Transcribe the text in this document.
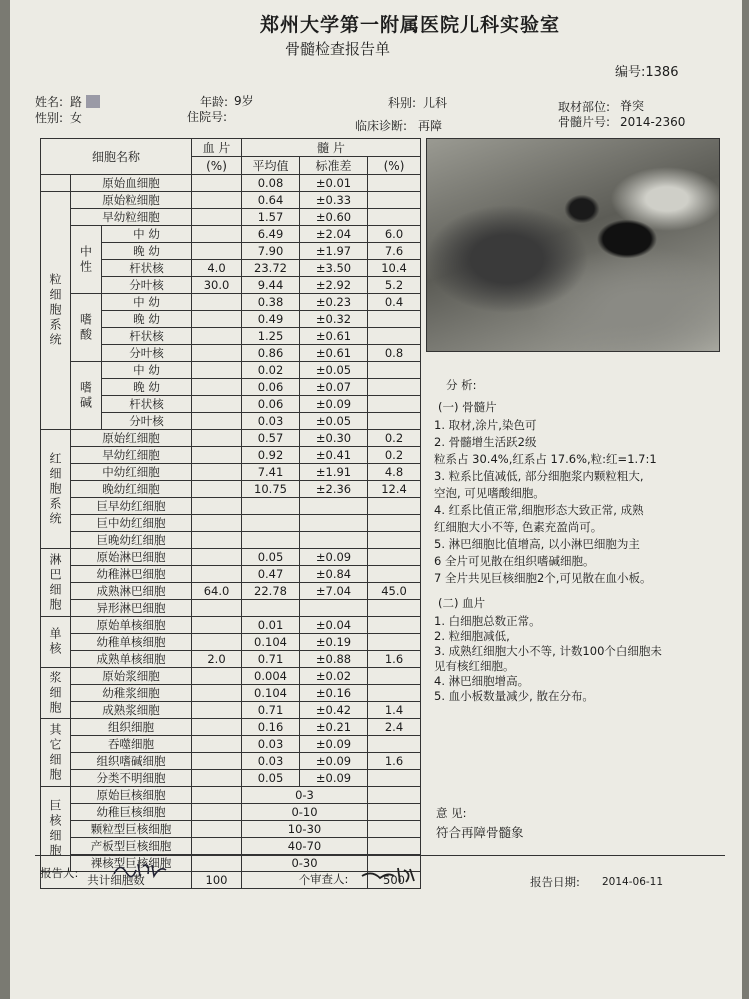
郑州大学第一附属医院儿科实验室
骨髓检查报告单
编号:1386
姓名: 路	年龄: 9岁	科别: 儿科	取材部位: 脊突
性别: 女	住院号:
临床诊断: 再障	骨髓片号: 2014-2360
细胞名称			血 片	髓 片		
			(%)	平均值	标准差	(%)
	原始血细胞			0.08	±0.01	
粒细胞系统	原始粒细胞			0.64	±0.33	
	早幼粒细胞			1.57	±0.60	
	中性	中 幼		6.49	±2.04	6.0
		晚 幼		7.90	±1.97	7.6
		杆状核	4.0	23.72	±3.50	10.4
		分叶核	30.0	9.44	±2.92	5.2
	嗜酸	中 幼		0.38	±0.23	0.4
		晚 幼		0.49	±0.32	
		杆状核		1.25	±0.61	
		分叶核		0.86	±0.61	0.8
	嗜碱	中 幼		0.02	±0.05	
		晚 幼		0.06	±0.07	
		杆状核		0.06	±0.09	
		分叶核		0.03	±0.05	
红细胞系统	原始红细胞			0.57	±0.30	0.2
	早幼红细胞			0.92	±0.41	0.2
	中幼红细胞			7.41	±1.91	4.8
	晚幼红细胞			10.75	±2.36	12.4
	巨早幼红细胞					
	巨中幼红细胞					
	巨晚幼红细胞					
淋巴细胞	原始淋巴细胞			0.05	±0.09	
	幼稚淋巴细胞			0.47	±0.84	
	成熟淋巴细胞		64.0	22.78	±7.04	45.0
	异形淋巴细胞					
单核	原始单核细胞			0.01	±0.04	
	幼稚单核细胞			0.104	±0.19	
	成熟单核细胞		2.0	0.71	±0.88	1.6
浆细胞	原始浆细胞			0.004	±0.02	
	幼稚浆细胞			0.104	±0.16	
	成熟浆细胞			0.71	±0.42	1.4
其它细胞	组织细胞			0.16	±0.21	2.4
	吞噬细胞			0.03	±0.09	
	组织嗜碱细胞			0.03	±0.09	1.6
	分类不明细胞			0.05	±0.09	
巨核细胞	原始巨核细胞			0-3		
	幼稚巨核细胞			0-10		
	颗粒型巨核细胞			10-30		
	产板型巨核细胞			40-70		
	裸核型巨核细胞			0-30		
共计细胞数			100	个		500
分 析:
(一) 骨髓片
1. 取材,涂片,染色可
2. 骨髓增生活跃2级
粒系占 30.4%,红系占 17.6%,粒:红=1.7:1
3. 粒系比值减低, 部分细胞浆内颗粒粗大,
空泡, 可见嗜酸细胞。
4. 红系比值正常,细胞形态大致正常, 成熟
红细胞大小不等, 色素充盈尚可。
5. 淋巴细胞比值增高, 以小淋巴细胞为主
6 全片可见散在组织嗜碱细胞。
7 全片共见巨核细胞2个,可见散在血小板。
(二) 血片
1. 白细胞总数正常。
2. 粒细胞减低,
3. 成熟红细胞大小不等, 计数100个白细胞未
见有核红细胞。
4. 淋巴细胞增高。
5. 血小板数量减少, 散在分布。
意 见:
符合再障骨髓象
报告人:	审查人:	报告日期: 2014-06-11
